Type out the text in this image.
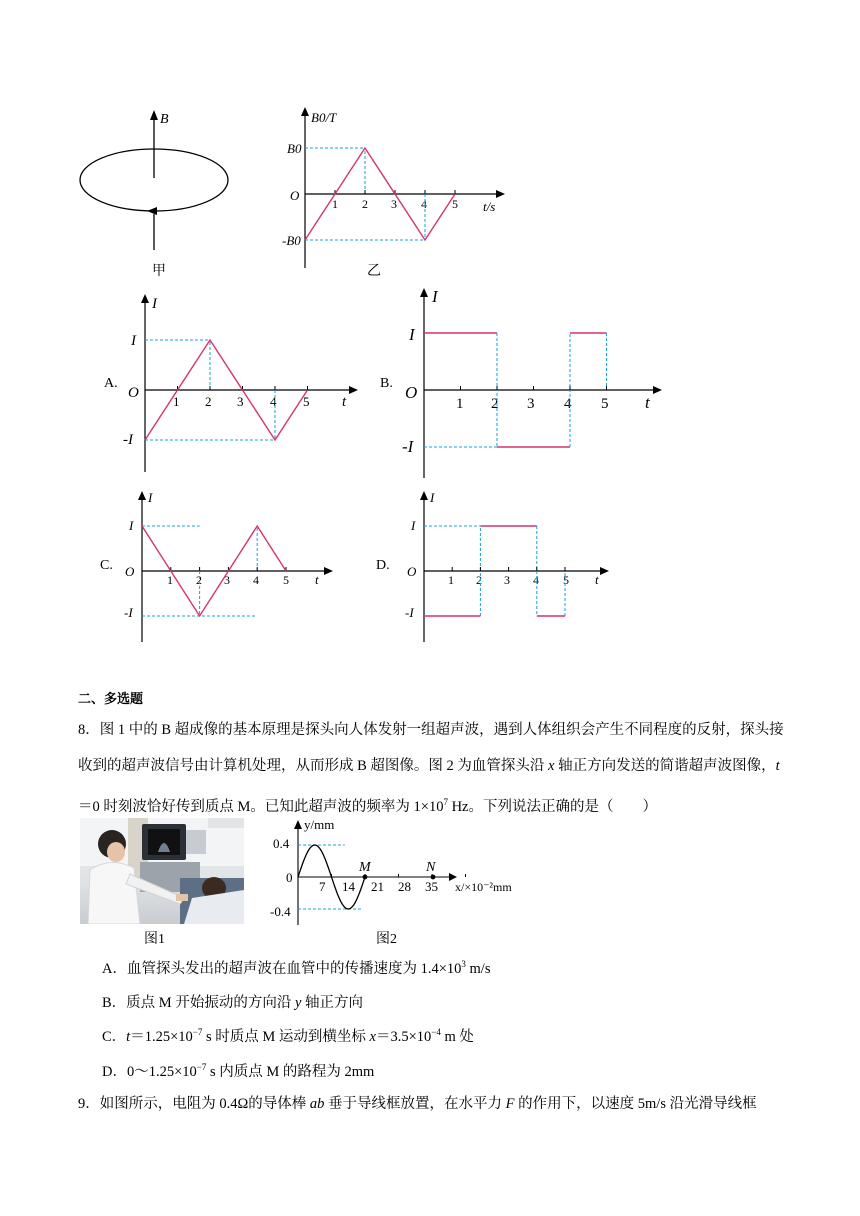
B
甲
B0/T
t/s
O
B0
-B0
乙
1 2 3 4 5
A.	B.
C.	D.
I
t
O
I
-I
1 2 3 4 5
I
t
O
I
-I
1 2 3 4 5
I
t
O
I
-I
1 2 3 4 5
I
t
O
I
-I
1 2 3 4 5
二、多选题
8．图 1 中的 B 超成像的基本原理是探头向人体发射一组超声波，遇到人体组织会产生不同程度的反射，探头接收到的超声波信号由计算机处理，从而形成 B 超图像。图 2 为血管探头沿 x 轴正方向发送的简谐超声波图像，t＝0 时刻波恰好传到质点 M。已知此超声波的频率为 $1\times 10^7$ Hz。下列说法正确的是（　　）
图1
y/mm
x/×10⁻²mm
0
0.4
-0.4
7 14 21 28 35
M	N
图2
A．血管探头发出的超声波在血管中的传播速度为 $1.4\times 10^3$ m/s
B．质点 M 开始振动的方向沿 y 轴正方向
C．$t=1.25\times 10^{-7}$ s 时质点 M 运动到横坐标 $x=3.5\times 10^{-4}$ m 处
D．$0\sim 1.25\times 10^{-7}$ s 内质点 M 的路程为 2mm
9．如图所示，电阻为 0.4Ω的导体棒 ab 垂于导线框放置，在水平力 F 的作用下，以速度 5m/s 沿光滑导线框
